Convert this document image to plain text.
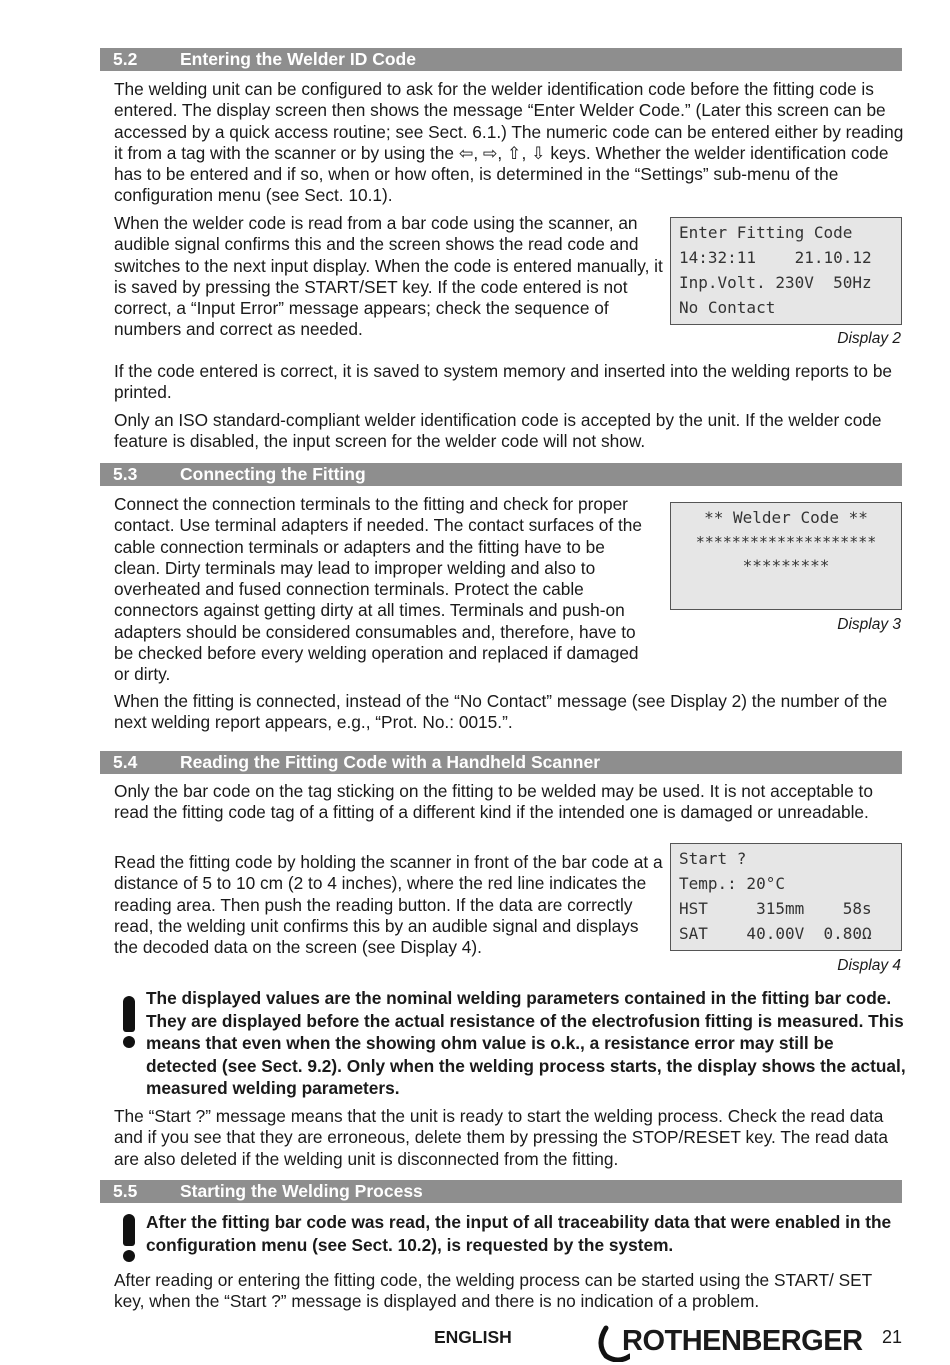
5.2 Entering the Welder ID Code

The welding unit can be configured to ask for the welder identification code before the fitting code is entered. The display screen then shows the message “Enter Welder Code.” (Later this screen can be accessed by a quick access routine; see Sect. 6.1.) The numeric code can be entered either by reading it from a tag with the scanner or by using the ⇦, ⇨, ⇧, ⇩ keys. Whether the welder identification code has to be entered and if so, when or how often, is determined in the “Settings” sub-menu of the configuration menu (see Sect. 10.1).

When the welder code is read from a bar code using the scanner, an audible signal confirms this and the screen shows the read code and switches to the next input display. When the code is entered manually, it is saved by pressing the START/SET key. If the code entered is not correct, a “Input Error” message appears; check the sequence of numbers and correct as needed.

Enter Fitting Code
14:32:11    21.10.12
Inp.Volt. 230V  50Hz
No Contact
Display 2

If the code entered is correct, it is saved to system memory and inserted into the welding reports to be printed.

Only an ISO standard-compliant welder identification code is accepted by the unit. If the welder code feature is disabled, the input screen for the welder code will not show.

5.3 Connecting the Fitting

Connect the connection terminals to the fitting and check for proper contact. Use terminal adapters if needed. The contact surfaces of the cable connection terminals or adapters and the fitting have to be clean. Dirty terminals may lead to improper welding and also to overheated and fused connection terminals. Protect the cable connectors against getting dirty at all times. Terminals and push-on adapters should be considered consumables and, therefore, have to be checked before every welding operation and replaced if damaged or dirty.

** Welder Code **
********************
*********
Display 3

When the fitting is connected, instead of the “No Contact” message (see Display 2) the number of the next welding report appears, e.g., “Prot. No.: 0015.”.

5.4 Reading the Fitting Code with a Handheld Scanner

Only the bar code on the tag sticking on the fitting to be welded may be used. It is not acceptable to read the fitting code tag of a fitting of a different kind if the intended one is damaged or unreadable.

Read the fitting code by holding the scanner in front of the bar code at a distance of 5 to 10 cm (2 to 4 inches), where the red line indicates the reading area. Then push the reading button. If the data are correctly read, the welding unit confirms this by an audible signal and displays the decoded data on the screen (see Display 4).

Start ?
Temp.: 20°C
HST     315mm    58s
SAT    40.00V  0.80Ω
Display 4

The displayed values are the nominal welding parameters contained in the fitting bar code. They are displayed before the actual resistance of the electrofusion fitting is measured. This means that even when the showing ohm value is o.k., a resistance error may still be detected (see Sect. 9.2). Only when the welding process starts, the display shows the actual, measured welding parameters.

The “Start ?” message means that the unit is ready to start the welding process. Check the read data and if you see that they are erroneous, delete them by pressing the STOP/RESET key. The read data are also deleted if the welding unit is disconnected from the fitting.

5.5 Starting the Welding Process

After the fitting bar code was read, the input of all traceability data that were enabled in the configuration menu (see Sect. 10.2), is requested by the system.

After reading or entering the fitting code, the welding process can be started using the START/ SET key, when the “Start ?” message is displayed and there is no indication of a problem.

ENGLISH	ROTHENBERGER 21
